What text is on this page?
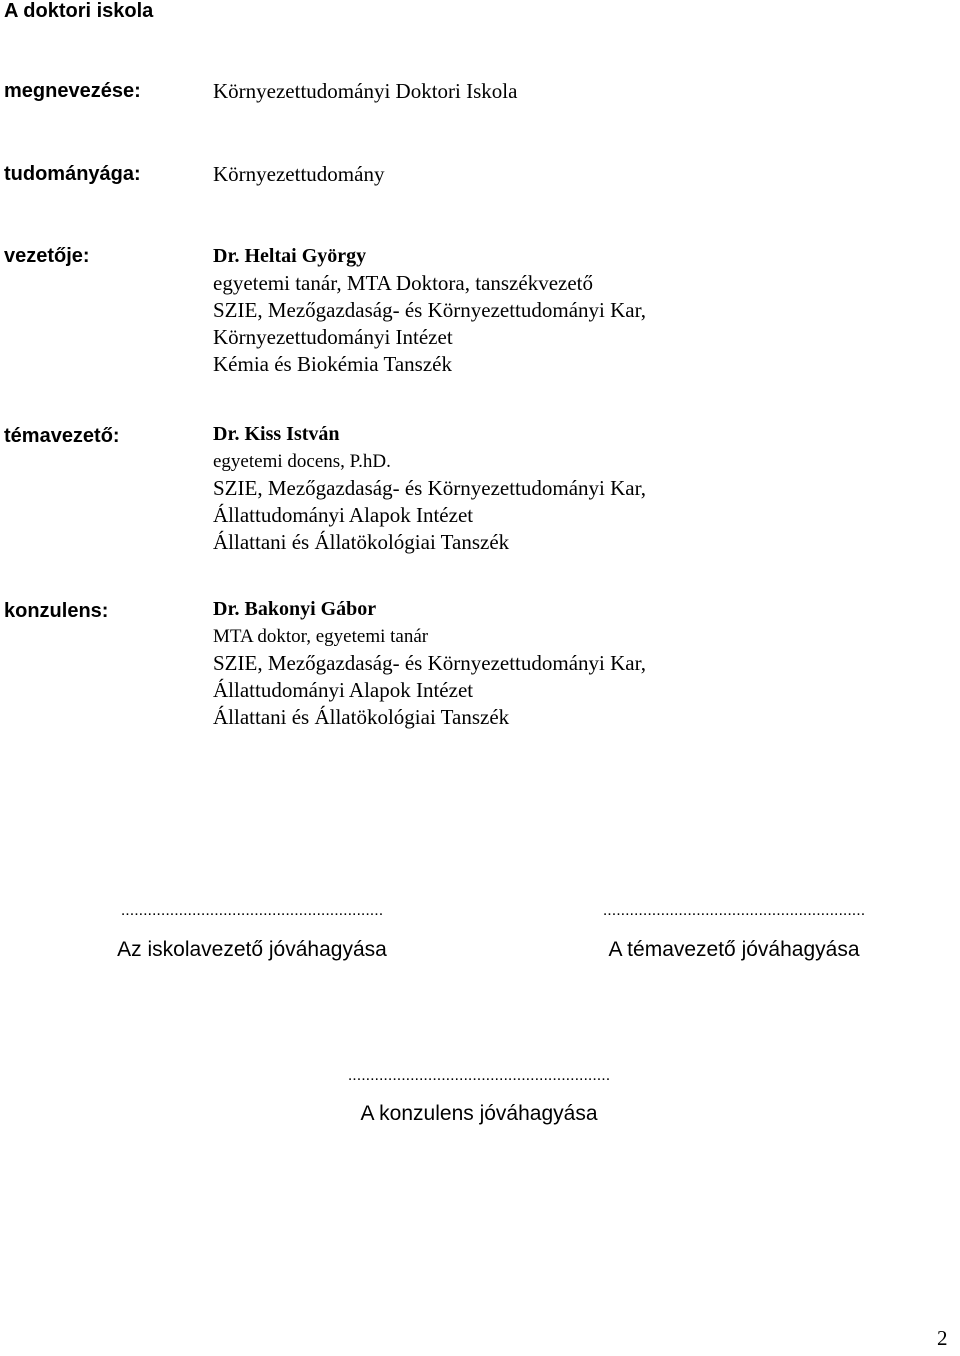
A doktori iskola
megnevezése:	Környezettudományi Doktori Iskola
tudományága:	Környezettudomány
vezetője:	Dr. Heltai György
egyetemi tanár, MTA Doktora, tanszékvezető
SZIE, Mezőgazdaság- és Környezettudományi Kar,
Környezettudományi Intézet
Kémia és Biokémia Tanszék
témavezető:	Dr. Kiss István
egyetemi docens, P.hD.
SZIE, Mezőgazdaság- és Környezettudományi Kar,
Állattudományi Alapok Intézet
Állattani és Állatökológiai Tanszék
konzulens:	Dr. Bakonyi Gábor
MTA doktor, egyetemi tanár
SZIE, Mezőgazdaság- és Környezettudományi Kar,
Állattudományi Alapok Intézet
Állattani és Állatökológiai Tanszék
...........................................................
Az iskolavezető jóváhagyása
...........................................................
A témavezető jóváhagyása
...........................................................
A konzulens jóváhagyása
2
